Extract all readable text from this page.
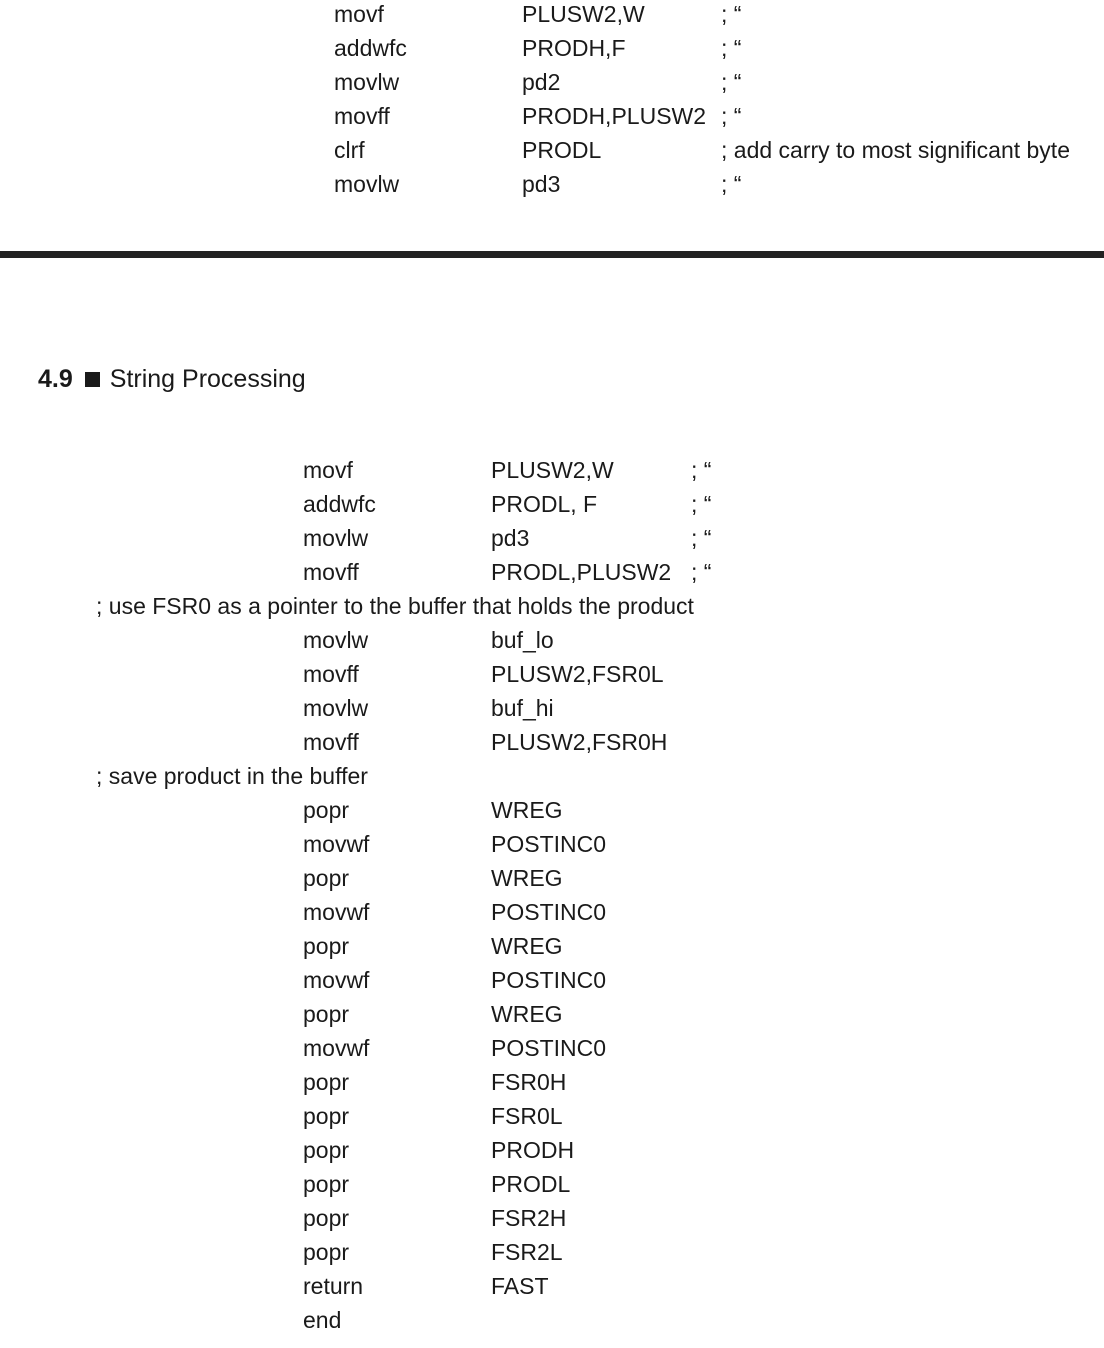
movf	PLUSW2,W	; “
addwfc	PRODH,F	; “
movlw	pd2	; “
movff	PRODH,PLUSW2 ; “
clrf	PRODL	; add carry to most significant byte
movlw	pd3	; “
4.9 String Processing
movf	PLUSW2,W	; “
addwfc	PRODL, F	; “
movlw	pd3	; “
movff	PRODL,PLUSW2 ; “
; use FSR0 as a pointer to the buffer that holds the product
movlw	buf_lo
movff	PLUSW2,FSR0L
movlw	buf_hi
movff	PLUSW2,FSR0H
; save product in the buffer
popr	WREG
movwf	POSTINC0
popr	WREG
movwf	POSTINC0
popr	WREG
movwf	POSTINC0
popr	WREG
movwf	POSTINC0
popr	FSR0H
popr	FSR0L
popr	PRODH
popr	PRODL
popr	FSR2H
popr	FSR2L
return	FAST
end
